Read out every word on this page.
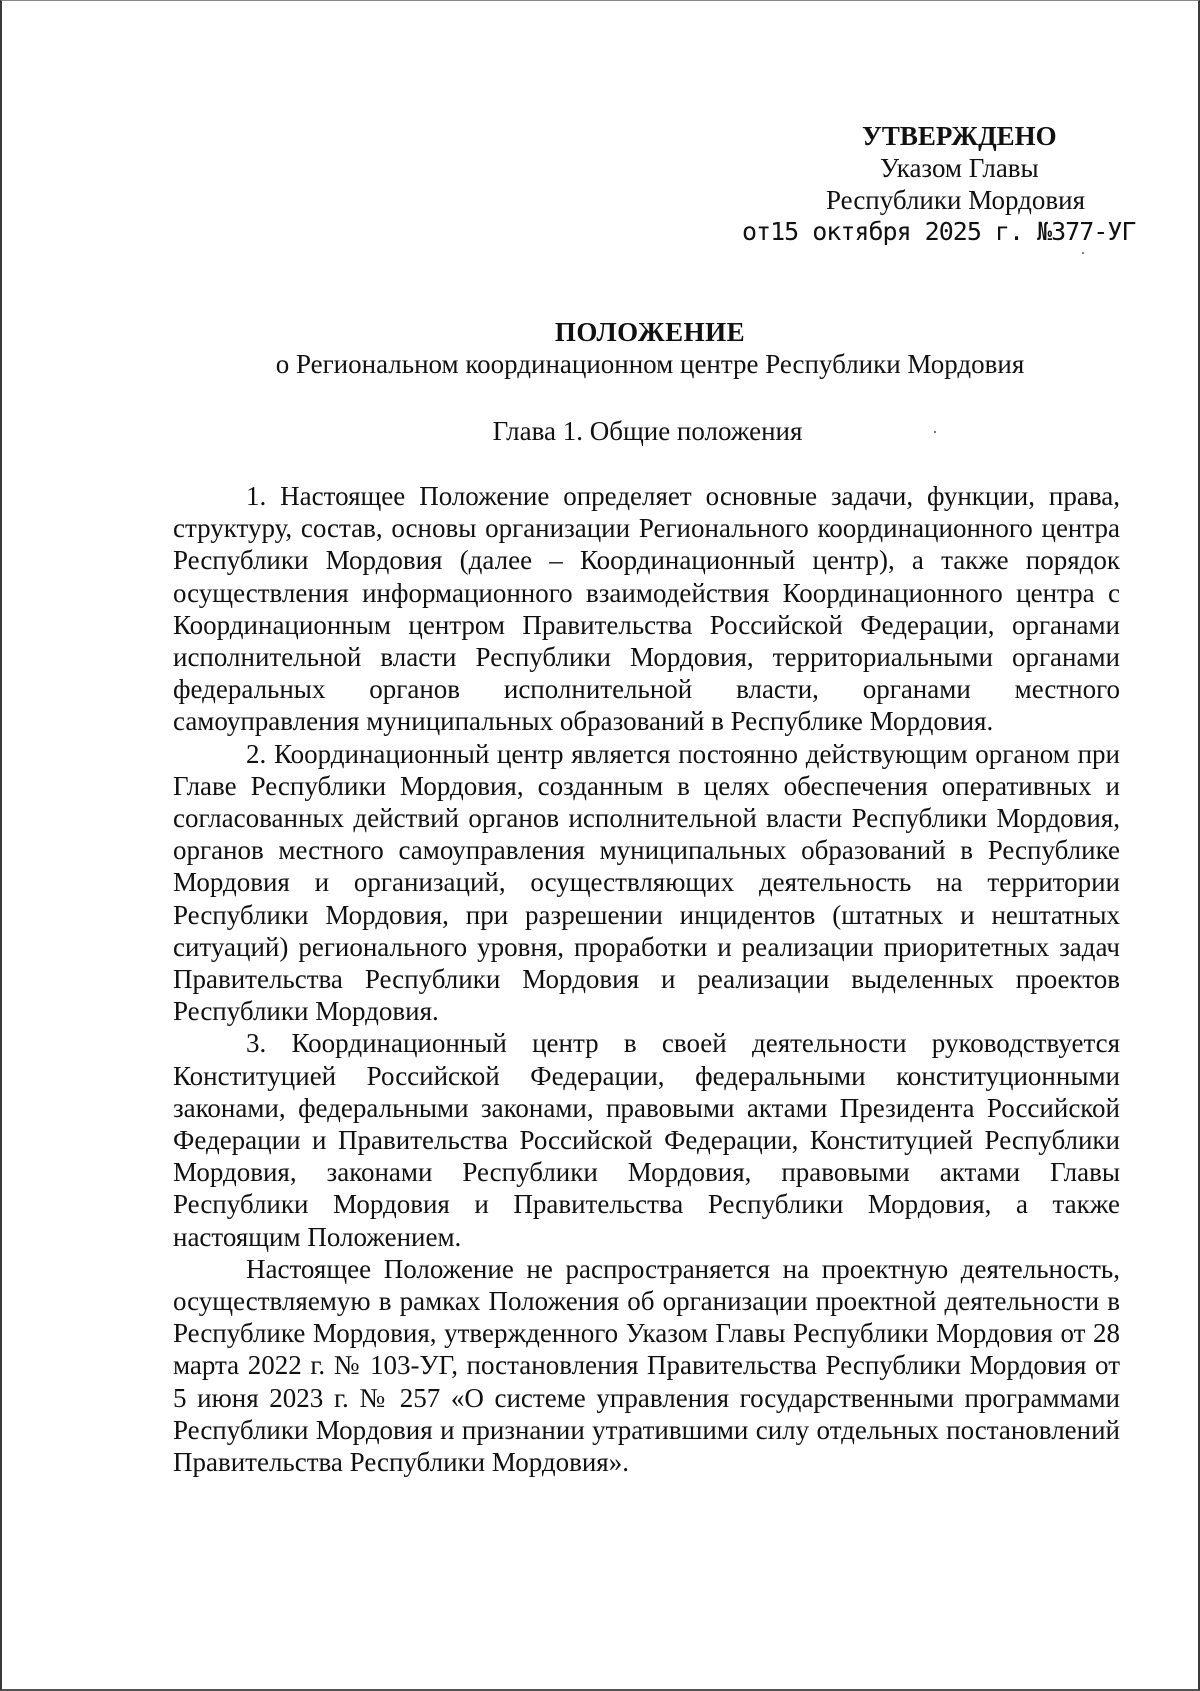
УТВЕРЖДЕНО
Указом Главы
Республики Мордовия
от15 октября 2025 г. №377-УГ
ПОЛОЖЕНИЕ
о Региональном координационном центре Республики Мордовия
Глава 1. Общие положения

1. Настоящее Положение определяет основные задачи, функции, права, структуру, состав, основы организации Регионального координационного центра Республики Мордовия (далее – Координационный центр), а также порядок осуществления информационного взаимодействия Координационного центра с Координационным центром Правительства Российской Федерации, органами исполнительной власти Республики Мордовия, территориальными органами федеральных органов исполнительной власти, органами местного самоуправления муниципальных образований в Республике Мордовия.

2. Координационный центр является постоянно действующим органом при Главе Республики Мордовия, созданным в целях обеспечения оперативных и согласованных действий органов исполнительной власти Республики Мордовия, органов местного самоуправления муниципальных образований в Республике Мордовия и организаций, осуществляющих деятельность на территории Республики Мордовия, при разрешении инцидентов (штатных и нештатных ситуаций) регионального уровня, проработки и реализации приоритетных задач Правительства Республики Мордовия и реализации выделенных проектов Республики Мордовия.

3. Координационный центр в своей деятельности руководствуется Конституцией Российской Федерации, федеральными конституционными законами, федеральными законами, правовыми актами Президента Российской Федерации и Правительства Российской Федерации, Конституцией Республики Мордовия, законами Республики Мордовия, правовыми актами Главы Республики Мордовия и Правительства Республики Мордовия, а также настоящим Положением.

Настоящее Положение не распространяется на проектную деятельность, осуществляемую в рамках Положения об организации проектной деятельности в Республике Мордовия, утвержденного Указом Главы Республики Мордовия от 28 марта 2022 г. № 103-УГ, постановления Правительства Республики Мордовия от 5 июня 2023 г. № 257 «О системе управления государственными программами Республики Мордовия и признании утратившими силу отдельных постановлений Правительства Республики Мордовия».
